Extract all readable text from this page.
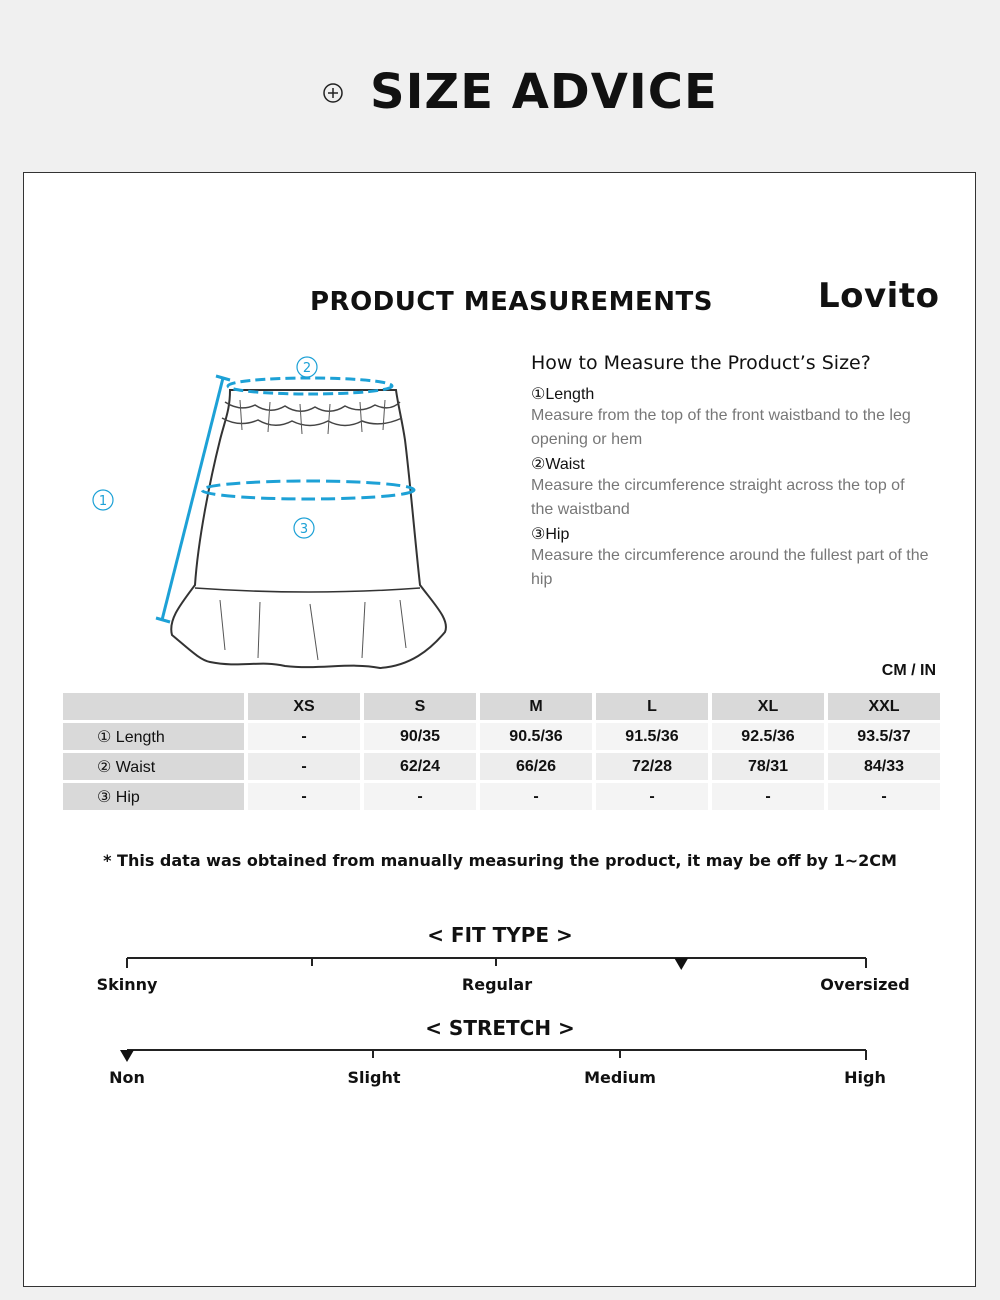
SIZE ADVICE
PRODUCT MEASUREMENTS	Lovito
1
2
3
How to Measure the Product’s Size?

①Length

Measure from the top of the front waistband to the leg opening or hem

②Waist

Measure the circumference straight across the top of the waistband

③Hip

Measure the circumference around the fullest part of the hip

CM / IN
	XS	S	M	L	XL	XXL
① Length	-	90/35	90.5/36	91.5/36	92.5/36	93.5/37
② Waist	-	62/24	66/26	72/28	78/31	84/33
③ Hip	-	-	-	-	-	-
* This data was obtained from manually measuring the product, it may be off by 1~2CM
< FIT TYPE >
Skinny	Regular	Oversized
< STRETCH >
Non	Slight	Medium	High
